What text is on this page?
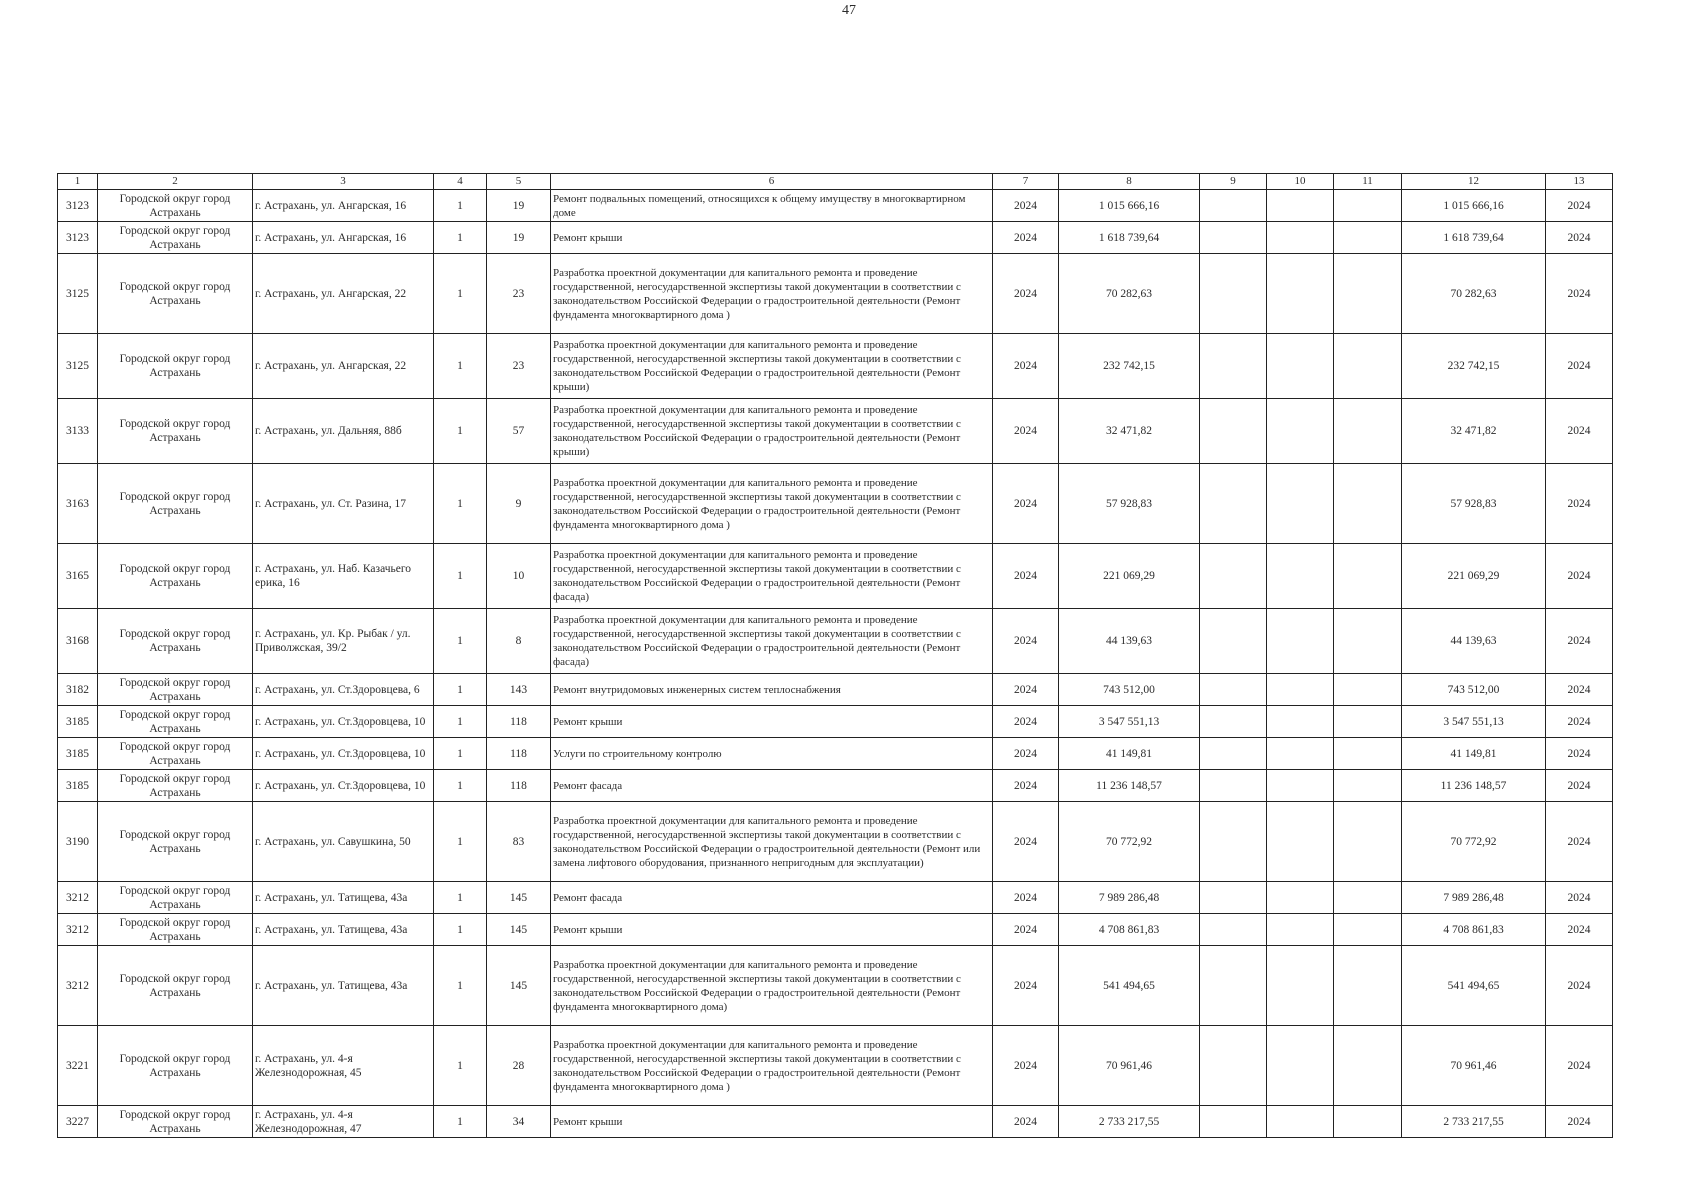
47
1	2	3	4	5	6	7	8	9	10	11	12	13
3123	Городской округ город Астрахань	г. Астрахань, ул. Ангарская, 16	1	19	Ремонт подвальных помещений, относящихся к общему имуществу в многоквартирном доме	2024	1 015 666,16				1 015 666,16	2024
3123	Городской округ город Астрахань	г. Астрахань, ул. Ангарская, 16	1	19	Ремонт крыши	2024	1 618 739,64				1 618 739,64	2024
3125	Городской округ город Астрахань	г. Астрахань, ул. Ангарская, 22	1	23	Разработка проектной документации для капитального ремонта и проведение государственной, негосударственной экспертизы такой документации в соответствии с законодательством Российской Федерации о градостроительной деятельности (Ремонт фундамента многоквартирного дома )	2024	70 282,63				70 282,63	2024
3125	Городской округ город Астрахань	г. Астрахань, ул. Ангарская, 22	1	23	Разработка проектной документации для капитального ремонта и проведение государственной, негосударственной экспертизы такой документации в соответствии с законодательством Российской Федерации о градостроительной деятельности (Ремонт крыши)	2024	232 742,15				232 742,15	2024
3133	Городской округ город Астрахань	г. Астрахань, ул. Дальняя, 88б	1	57	Разработка проектной документации для капитального ремонта и проведение государственной, негосударственной экспертизы такой документации в соответствии с законодательством Российской Федерации о градостроительной деятельности (Ремонт крыши)	2024	32 471,82				32 471,82	2024
3163	Городской округ город Астрахань	г. Астрахань, ул. Ст. Разина, 17	1	9	Разработка проектной документации для капитального ремонта и проведение государственной, негосударственной экспертизы такой документации в соответствии с законодательством Российской Федерации о градостроительной деятельности (Ремонт фундамента многоквартирного дома )	2024	57 928,83				57 928,83	2024
3165	Городской округ город Астрахань	г. Астрахань, ул. Наб. Казачьего ерика, 16	1	10	Разработка проектной документации для капитального ремонта и проведение государственной, негосударственной экспертизы такой документации в соответствии с законодательством Российской Федерации о градостроительной деятельности (Ремонт фасада)	2024	221 069,29				221 069,29	2024
3168	Городской округ город Астрахань	г. Астрахань, ул. Кр. Рыбак / ул. Приволжская, 39/2	1	8	Разработка проектной документации для капитального ремонта и проведение государственной, негосударственной экспертизы такой документации в соответствии с законодательством Российской Федерации о градостроительной деятельности (Ремонт фасада)	2024	44 139,63				44 139,63	2024
3182	Городской округ город Астрахань	г. Астрахань, ул. Ст.Здоровцева, 6	1	143	Ремонт внутридомовых инженерных систем теплоснабжения	2024	743 512,00				743 512,00	2024
3185	Городской округ город Астрахань	г. Астрахань, ул. Ст.Здоровцева, 10	1	118	Ремонт крыши	2024	3 547 551,13				3 547 551,13	2024
3185	Городской округ город Астрахань	г. Астрахань, ул. Ст.Здоровцева, 10	1	118	Услуги по строительному контролю	2024	41 149,81				41 149,81	2024
3185	Городской округ город Астрахань	г. Астрахань, ул. Ст.Здоровцева, 10	1	118	Ремонт фасада	2024	11 236 148,57				11 236 148,57	2024
3190	Городской округ город Астрахань	г. Астрахань, ул. Савушкина, 50	1	83	Разработка проектной документации для капитального ремонта и проведение государственной, негосударственной экспертизы такой документации в соответствии с законодательством Российской Федерации о градостроительной деятельности (Ремонт или замена лифтового оборудования, признанного непригодным для эксплуатации)	2024	70 772,92				70 772,92	2024
3212	Городской округ город Астрахань	г. Астрахань, ул. Татищева, 43а	1	145	Ремонт фасада	2024	7 989 286,48				7 989 286,48	2024
3212	Городской округ город Астрахань	г. Астрахань, ул. Татищева, 43а	1	145	Ремонт крыши	2024	4 708 861,83				4 708 861,83	2024
3212	Городской округ город Астрахань	г. Астрахань, ул. Татищева, 43а	1	145	Разработка проектной документации для капитального ремонта и проведение государственной, негосударственной экспертизы такой документации в соответствии с законодательством Российской Федерации о градостроительной деятельности (Ремонт фундамента многоквартирного дома)	2024	541 494,65				541 494,65	2024
3221	Городской округ город Астрахань	г. Астрахань, ул. 4-я Железнодорожная, 45	1	28	Разработка проектной документации для капитального ремонта и проведение государственной, негосударственной экспертизы такой документации в соответствии с законодательством Российской Федерации о градостроительной деятельности (Ремонт фундамента многоквартирного дома )	2024	70 961,46				70 961,46	2024
3227	Городской округ город Астрахань	г. Астрахань, ул. 4-я Железнодорожная, 47	1	34	Ремонт крыши	2024	2 733 217,55				2 733 217,55	2024
